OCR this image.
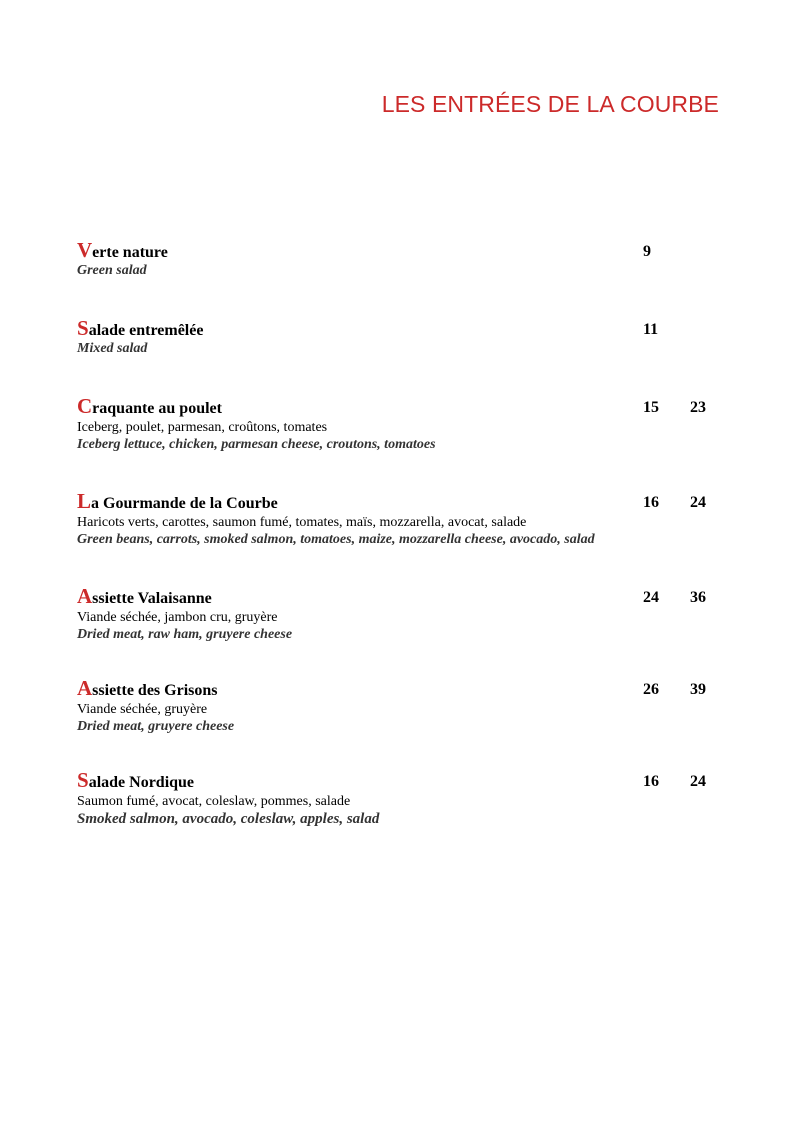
LES ENTRÉES DE LA COURBE
Verte nature	9
Green salad
Salade entremêlée	11
Mixed salad
Craquante au poulet	15 23
Iceberg, poulet, parmesan, croûtons, tomates
Iceberg lettuce, chicken, parmesan cheese, croutons, tomatoes
La Gourmande de la Courbe	16 24
Haricots verts, carottes, saumon fumé, tomates, maïs, mozzarella, avocat, salade
Green beans, carrots, smoked salmon, tomatoes, maize, mozzarella cheese, avocado, salad
Assiette Valaisanne	24 36
Viande séchée, jambon cru, gruyère
Dried meat, raw ham, gruyere cheese
Assiette des Grisons	26 39
Viande séchée, gruyère
Dried meat, gruyere cheese
Salade Nordique	16 24
Saumon fumé, avocat, coleslaw, pommes, salade
Smoked salmon, avocado, coleslaw, apples, salad
